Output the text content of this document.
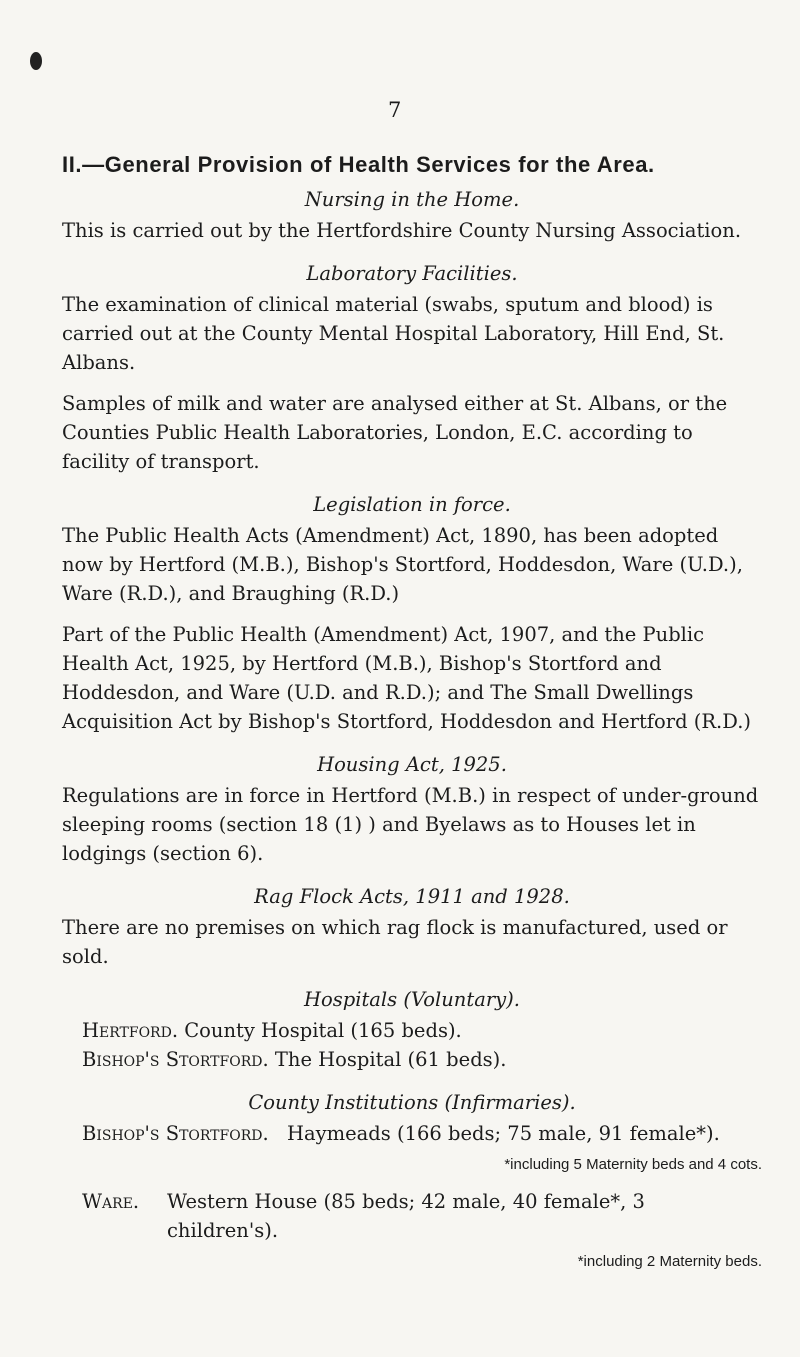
7
II.—General Provision of Health Services for the Area.
Nursing in the Home.

This is carried out by the Hertfordshire County Nursing Association.

Laboratory Facilities.

The examination of clinical material (swabs, sputum and blood) is carried out at the County Mental Hospital Laboratory, Hill End, St. Albans.

Samples of milk and water are analysed either at St. Albans, or the Counties Public Health Laboratories, London, E.C. according to facility of transport.

Legislation in force.

The Public Health Acts (Amendment) Act, 1890, has been adopted now by Hertford (M.B.), Bishop's Stortford, Hoddesdon, Ware (U.D.), Ware (R.D.), and Braughing (R.D.)

Part of the Public Health (Amendment) Act, 1907, and the Public Health Act, 1925, by Hertford (M.B.), Bishop's Stortford and Hoddesdon, and Ware (U.D. and R.D.); and The Small Dwellings Acquisition Act by Bishop's Stortford, Hoddesdon and Hertford (R.D.)

Housing Act, 1925.

Regulations are in force in Hertford (M.B.) in respect of under-ground sleeping rooms (section 18 (1) ) and Byelaws as to Houses let in lodgings (section 6).

Rag Flock Acts, 1911 and 1928.

There are no premises on which rag flock is manufactured, used or sold.

Hospitals (Voluntary).
Hertford. County Hospital (165 beds).
Bishop's Stortford. The Hospital (61 beds).
County Institutions (Infirmaries).
Bishop's Stortford. Haymeads (166 beds; 75 male, 91 female*).
*including 5 Maternity beds and 4 cots.
Ware.	Western House (85 beds; 42 male, 40 female*, 3 children's).
*including 2 Maternity beds.
